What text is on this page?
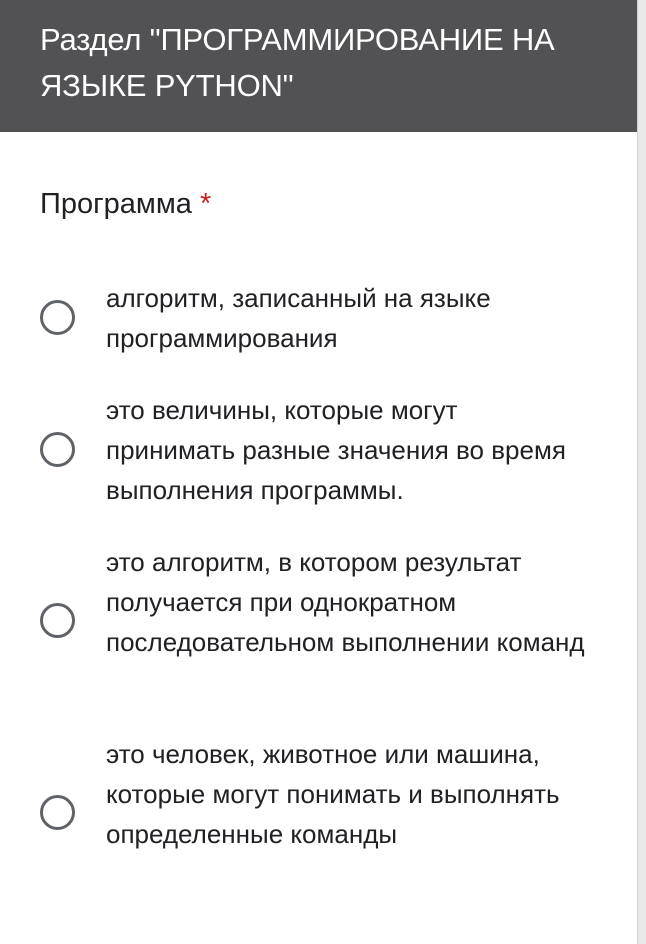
Раздел "ПРОГРАММИРОВАНИЕ НА ЯЗЫКЕ PYTHON"
Программа *
алгоритм, записанный на языке программирования
это величины, которые могут принимать разные значения во время выполнения программы.
это алгоритм, в котором результат получается при однократном последовательном выполнении команд
это человек, животное или машина, которые могут понимать и выполнять определенные команды
